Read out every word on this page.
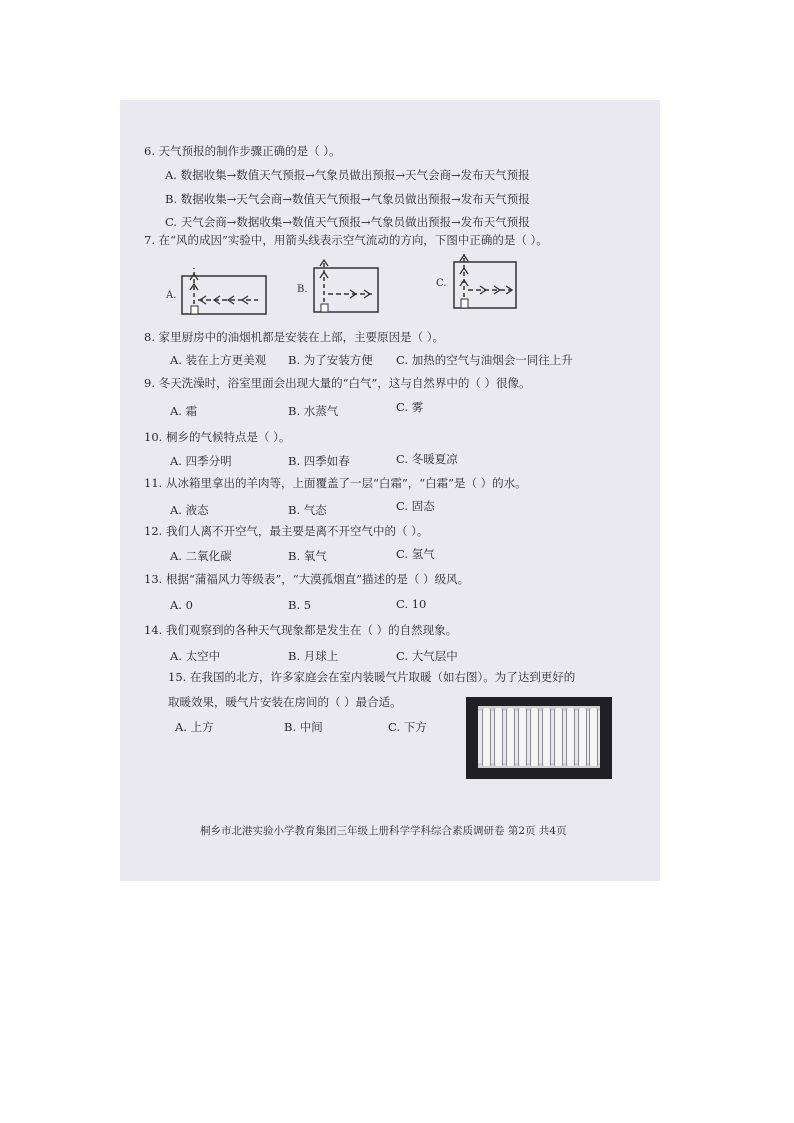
6. 天气预报的制作步骤正确的是（ ）。
A. 数据收集→数值天气预报→气象员做出预报→天气会商→发布天气预报
B. 数据收集→天气会商→数值天气预报→气象员做出预报→发布天气预报
C. 天气会商→数据收集→数值天气预报→气象员做出预报→发布天气预报
7. 在“风的成因”实验中，用箭头线表示空气流动的方向，下图中正确的是（ ）。
A.
B.
C.
8. 家里厨房中的油烟机都是安装在上部，主要原因是（ ）。
A. 装在上方更美观 B. 为了安装方便 C. 加热的空气与油烟会一同往上升
9. 冬天洗澡时，浴室里面会出现大量的“白气”，这与自然界中的（ ）很像。
A. 霜	B. 水蒸气	C. 雾
10. 桐乡的气候特点是（ ）。
A. 四季分明	B. 四季如春	C. 冬暖夏凉
11. 从冰箱里拿出的羊肉等，上面覆盖了一层“白霜”，“白霜”是（ ）的水。
A. 液态	B. 气态	C. 固态
12. 我们人离不开空气，最主要是离不开空气中的（ ）。
A. 二氧化碳	B. 氧气	C. 氢气
13. 根据“蒲福风力等级表”，“大漠孤烟直”描述的是（ ）级风。
A. 0	B. 5	C. 10
14. 我们观察到的各种天气现象都是发生在（ ）的自然现象。
A. 太空中	B. 月球上	C. 大气层中
15. 在我国的北方，许多家庭会在室内装暖气片取暖（如右图）。为了达到更好的
取暖效果，暖气片安装在房间的（ ）最合适。
A. 上方	B. 中间	C. 下方
桐乡市北港实验小学教育集团三年级上册科学学科综合素质调研卷 第2页 共4页
